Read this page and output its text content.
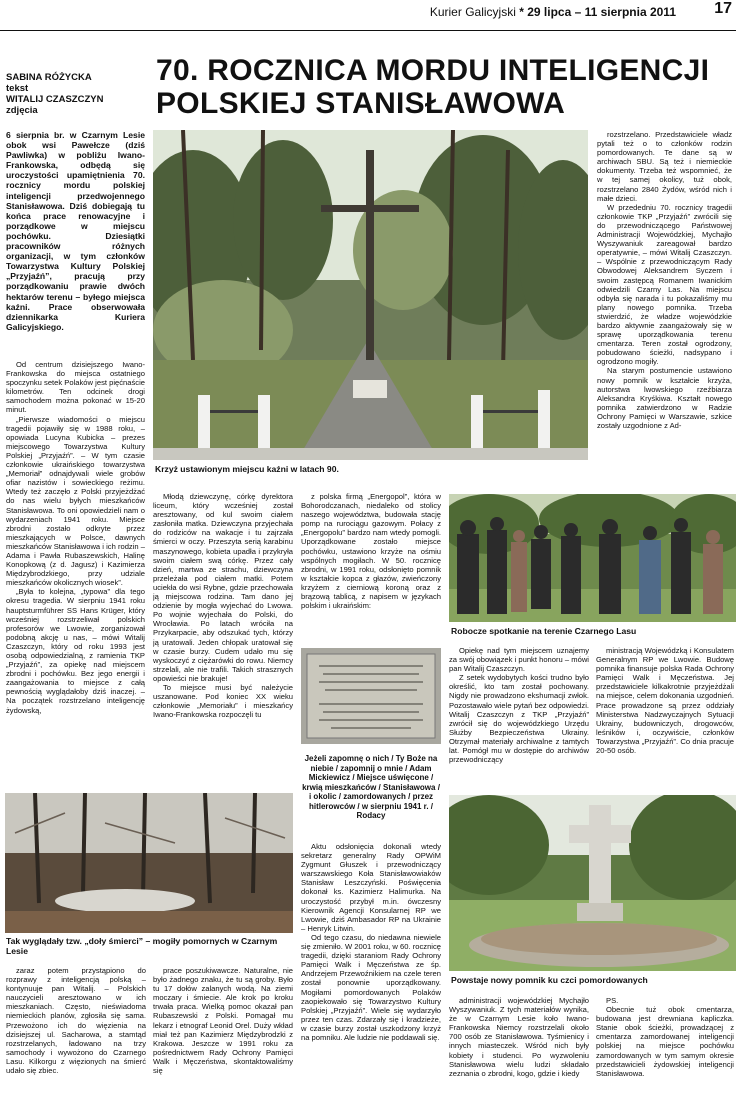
Kurier Galicyjski * 29 lipca – 11 sierpnia 2011 17
SABINA RÓŻYCKA
tekst
WITALIJ CZASZCZYN
zdjęcia
70. ROCZNICA MORDU INTELIGENCJI POLSKIEJ STANISŁAWOWA
6 sierpnia br. w Czarnym Lesie obok wsi Pawełcze (dziś Pawliwka) w pobliżu Iwano-Frankowska, odbędą się uroczystości upamiętnienia 70. rocznicy mordu polskiej inteligencji przedwojennego Stanisławowa. Dziś dobiegają tu końca prace renowacyjne i porządkowe w miejscu pochówku. Dziesiątki pracowników różnych organizacji, w tym członków Towarzystwa Kultury Polskiej „Przyjaźń”, pracują przy porządkowaniu prawie dwóch hektarów terenu – byłego miejsca kaźni. Prace obserwowała dziennikarka Kuriera Galicyjskiego.

Od centrum dzisiejszego Iwano-Frankowska do miejsca ostatniego spoczynku setek Polaków jest pięćnaście kilometrów. Ten odcinek drogi samochodem można pokonać w 15-20 minut.

„Pierwsze wiadomości o miejscu tragedii pojawiły się w 1988 roku, – opowiada Lucyna Kubicka – prezes miejscowego Towarzystwa Kultury Polskiej „Przyjaźń”. – W tym czasie członkowie ukraińskiego towarzystwa „Memoriał” odnajdywali wiele grobów ofiar nazistów i sowieckiego reżimu. Wtedy też zaczęło z Polski przyjeżdżać do nas wielu byłych mieszkańców Stanisławowa. To oni opowiedzieli nam o wydarzeniach 1941 roku. Miejsce zbrodni zostało odkryte przez mieszkających w Polsce, dawnych mieszkańców Stanisławowa i ich rodzin – Adama i Pawła Rubaszewskich, Halinę Konopkową (z d. Jagusz) i Kazimierza Międzybrodzkiego, przy udziale mieszkańców okolicznych wiosek”.

„Była to kolejna, „typowa” dla tego okresu tragedia. W sierpniu 1941 roku hauptsturmführer SS Hans Krüger, który wcześniej rozstrzeliwał polskich profesorów we Lwowie, zorganizował podobną akcję u nas, – mówi Witalij Czaszczyn, który od roku 1993 jest osobą odpowiedzialną, z ramienia TKP „Przyjaźń”, za opiekę nad miejscem zbrodni i pochówku. Bez jego energii i zaangażowania to miejsce z całą pewnością wyglądałoby dziś inaczej. – Na początek rozstrzelano inteligencję żydowską,

Krzyż ustawionym miejscu kaźni w latach 90.

rozstrzelano. Przedstawiciele władz pytali też o to członków rodzin pomordowanych. Te dane są w archiwach SBU. Są też i niemieckie dokumenty. Trzeba też wspomnieć, że w tej samej okolicy, tuż obok, rozstrzelano 2840 Żydów, wśród nich i małe dzieci.

W przededniu 70. rocznicy tragedii członkowie TKP „Przyjaźń” zwrócili się do przewodniczącego Państwowej Administracji Wojewódzkiej, Mychajło Wyszywaniuk zareagował bardzo operatywnie, – mówi Witalij Czaszczyn. – Wspólnie z przewodniczącym Rady Obwodowej Aleksandrem Syczem i swoim zastępcą Romanem Iwanickim odwiedzili Czarny Las. Na miejscu odbyła się narada i tu pokazaliśmy mu plany nowego pomnika. Trzeba stwierdzić, że władze wojewódzkie bardzo aktywnie zaangażowały się w sprawę uporządkowania terenu cmentarza. Teren został ogrodzony, pobudowano ścieżki, nadsypano i ogrodzono mogiły.

Na starym postumencie ustawiono nowy pomnik w kształcie krzyża, autorstwa lwowskiego rzeźbiarza Aleksandra Kryśkiwa. Kształt nowego pomnika zatwierdzono w Radzie Ochrony Pamięci w Warszawie, szkice zostały uzgodnione z Ad-

Młodą dziewczynę, córkę dyrektora liceum, który wcześniej został aresztowany, od kul swoim ciałem zasłoniła matka. Dziewczyna przyjechała do rodziców na wakacje i tu zajrzała śmierci w oczy. Przeszyta serią karabinu maszynowego, kobieta upadła i przykryła swoim ciałem swą córkę. Przez cały dzień, martwa ze strachu, dziewczyna przeleżała pod ciałem matki. Potem uciekła do wsi Rybne, gdzie przechowała ją miejscowa rodzina. Tam dano jej odzienie by mogła wyjechać do Lwowa. Po wojnie wyjechała do Polski, do Wrocławia. Po latach wróciła na Przykarpacie, aby odszukać tych, którzy ją uratowali. Jeden chłopak uratował się w czasie burzy. Cudem udało mu się wyskoczyć z ciężarówki do rowu. Niemcy strzelali, ale nie trafili. Takich strasznych opowieści nie brakuje!

To miejsce musi być należycie uszanowane. Pod koniec XX wieku członkowie „Memoriału” i mieszkańcy Iwano-Frankowska rozpoczęli tu

z polska firmą „Energopol”, która w Bohorodczanach, niedaleko od stolicy naszego województwa, budowała stację pomp na rurociągu gazowym. Połacy z „Energopolu” bardzo nam wtedy pomogli. Uporządkowane zostało miejsce pochówku, ustawiono krzyże na ośmiu wspólnych mogiłach. W 50. rocznicę zbrodni, w 1991 roku, odsłonięto pomnik w kształcie kopca z głazów, zwieńczony krzyżem z cierniową koroną oraz z brązową tablicą, z napisem w językach polskim i ukraińskim:

Jeżeli zapomnę o nich / Ty Boże na niebie / zapomnij o mnie / Adam Mickiewicz / Miejsce uświęcone / krwią mieszkańców / Stanisławowa / i okolic / zamordowanych / przez hitlerowców / w sierpniu 1941 r. / Rodacy

Aktu odsłonięcia dokonali wtedy sekretarz generalny Rady OPWiM Zygmunt Głuszek i przewodniczący warszawskiego Koła Stanisławowiaków Stanisław Leszczyński. Poświęcenia dokonał ks. Kazimierz Halimurka. Na uroczystość przybył m.in. ówczesny Kierownik Agencji Konsularnej RP we Lwowie, dziś Ambasador RP na Ukrainie – Henryk Litwin.

Od tego czasu, do niedawna niewiele się zmieniło. W 2001 roku, w 60. rocznicę tragedii, dzięki staraniom Rady Ochrony Pamięci Walk i Męczeństwa ze śp. Andrzejem Przewoźnikiem na czele teren został ponownie uporządkowany. Mogiłami pomordowanych Polaków zaopiekowało się Towarzystwo Kultury Polskiej „Przyjaźń”. Wiele się wydarzyło przez ten czas. Zdarzały się i kradzieże, w czasie burzy został uszkodzony krzyż na pomniku. Ale ludzie nie poddawali się.

Robocze spotkanie na terenie Czarnego Lasu

Opiekę nad tym miejscem uznajemy za swój obowiązek i punkt honoru – mówi pan Witalij Czaszczyn.

Z setek wydobytych kości trudno było określić, kto tam został pochowany. Nigdy nie prowadzono ekshumacji zwłok. Pozostawało wiele pytań bez odpowiedzi. Witalij Czaszczyn z TKP „Przyjaźń” zwrócił się do wojewódzkiego Urzędu Służby Bezpieczeństwa Ukrainy. Otrzymał materiały archiwalne z tamtych lat. Pomógł mu w dostępie do archiwów przewodniczący

ministracją Wojewódzką i Konsulatem Generalnym RP we Lwowie. Budowę pomnika finansuje polska Rada Ochrony Pamięci Walk i Męczeństwa. Jej przedstawiciele kilkakrotnie przyjeżdżali na miejsce, celem dokonania uzgodnień. Prace prowadzone są przez oddziały Ministerstwa Nadzwyczajnych Sytuacji Ukrainy, budowniczych, drogowców, leśników i, oczywiście, członków Towarzystwa „Przyjaźń”. Co dnia pracuje 20-50 osób.

Tak wyglądały tzw. „doły śmierci” – mogiły pomornych w Czarnym Lesie
Powstaje nowy pomnik ku czci pomordowanych

zaraz potem przystąpiono do rozprawy z inteligencją polską – kontynuuje pan Witalij. – Polskich nauczycieli aresztowano w ich mieszkaniach. Często, nieświadoma niemieckich planów, zgłosiła się sama. Przewożono ich do więzienia na dzisiejszej ul. Sacharowa, a stamtąd rozstrzelanych, ładowano na trzy samochody i wywożono do Czarnego Lasu. Kilkorgu z więzionych na śmierć udało się zbiec.

prace poszukiwawcze. Naturalne, nie było żadnego znaku, że tu są groby. Było tu 17 dołów zalanych wodą. Na ziemi moczary i śmiecie. Ale krok po kroku trwała praca. Wielką pomoc okazał pan Rubaszewski z Polski. Pomagał mu lekarz i etnograf Leonid Orel. Duży wkład miał też pan Kazimierz Międzybrodzki z Krakowa. Jeszcze w 1991 roku za pośrednictwem Rady Ochrony Pamięci Walk i Męczeństwa, skontaktowaliśmy się

administracji wojewódzkiej Mychajło Wyszywaniuk. Z tych materiałów wynika, że w Czarnym Lesie koło Iwano-Frankowska Niemcy rozstrzelali około 700 osób ze Stanisławowa. Tyśmienicy i innych miasteczek. Wśród nich były kobiety i studenci. Po wyzwoleniu Stanisławowa wielu ludzi składało zeznania o zbrodni, kogo, gdzie i kiedy

PS.

Obecnie tuż obok cmentarza, budowana jest drewniana kapliczka. Stanie obok ścieżki, prowadzącej z cmentarza zamordowanej inteligencji polskiej na miejsce pochówku zamordowanych w tym samym okresie przedstawicieli żydowskiej inteligencji Stanisławowa.
